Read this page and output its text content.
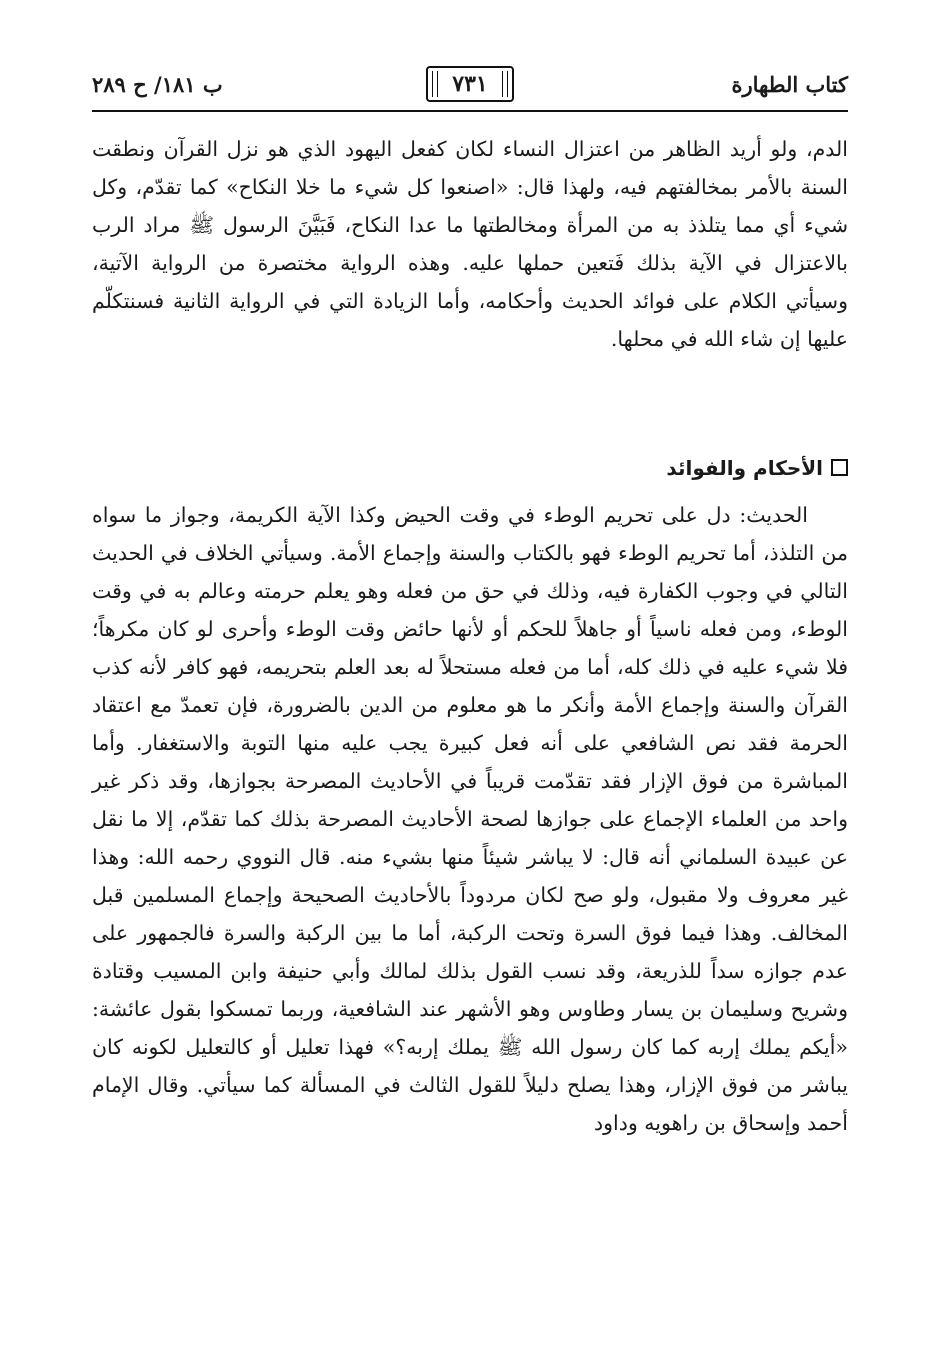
كتاب الطهارة
٧٣١
ب ١٨١/ ح ٢٨٩
الدم، ولو أريد الظاهر من اعتزال النساء لكان كفعل اليهود الذي هو نزل القرآن ونطقت السنة بالأمر بمخالفتهم فيه، ولهذا قال: «اصنعوا كل شيء ما خلا النكاح» كما تقدّم، وكل شيء أي مما يتلذذ به من المرأة ومخالطتها ما عدا النكاح، فَبَيَّنَ الرسول ﷺ مراد الرب بالاعتزال في الآية بذلك فَتعين حملها عليه. وهذه الرواية مختصرة من الرواية الآتية، وسيأتي الكلام على فوائد الحديث وأحكامه، وأما الزيادة التي في الرواية الثانية فسنتكلّم عليها إن شاء الله في محلها.
الأحكام والفوائد
الحديث: دل على تحريم الوطء في وقت الحيض وكذا الآية الكريمة، وجواز ما سواه من التلذذ، أما تحريم الوطء فهو بالكتاب والسنة وإجماع الأمة. وسيأتي الخلاف في الحديث التالي في وجوب الكفارة فيه، وذلك في حق من فعله وهو يعلم حرمته وعالم به في وقت الوطء، ومن فعله ناسياً أو جاهلاً للحكم أو لأنها حائض وقت الوطء وأحرى لو كان مكرهاً؛ فلا شيء عليه في ذلك كله، أما من فعله مستحلاً له بعد العلم بتحريمه، فهو كافر لأنه كذب القرآن والسنة وإجماع الأمة وأنكر ما هو معلوم من الدين بالضرورة، فإن تعمدّ مع اعتقاد الحرمة فقد نص الشافعي على أنه فعل كبيرة يجب عليه منها التوبة والاستغفار. وأما المباشرة من فوق الإزار فقد تقدّمت قريباً في الأحاديث المصرحة بجوازها، وقد ذكر غير واحد من العلماء الإجماع على جوازها لصحة الأحاديث المصرحة بذلك كما تقدّم، إلا ما نقل عن عبيدة السلماني أنه قال: لا يباشر شيئاً منها بشيء منه. قال النووي رحمه الله: وهذا غير معروف ولا مقبول، ولو صح لكان مردوداً بالأحاديث الصحيحة وإجماع المسلمين قبل المخالف. وهذا فيما فوق السرة وتحت الركبة، أما ما بين الركبة والسرة فالجمهور على عدم جوازه سداً للذريعة، وقد نسب القول بذلك لمالك وأبي حنيفة وابن المسيب وقتادة وشريح وسليمان بن يسار وطاوس وهو الأشهر عند الشافعية، وربما تمسكوا بقول عائشة: «أيكم يملك إربه كما كان رسول الله ﷺ يملك إربه؟» فهذا تعليل أو كالتعليل لكونه كان يباشر من فوق الإزار، وهذا يصلح دليلاً للقول الثالث في المسألة كما سيأتي. وقال الإمام أحمد وإسحاق بن راهويه وداود
